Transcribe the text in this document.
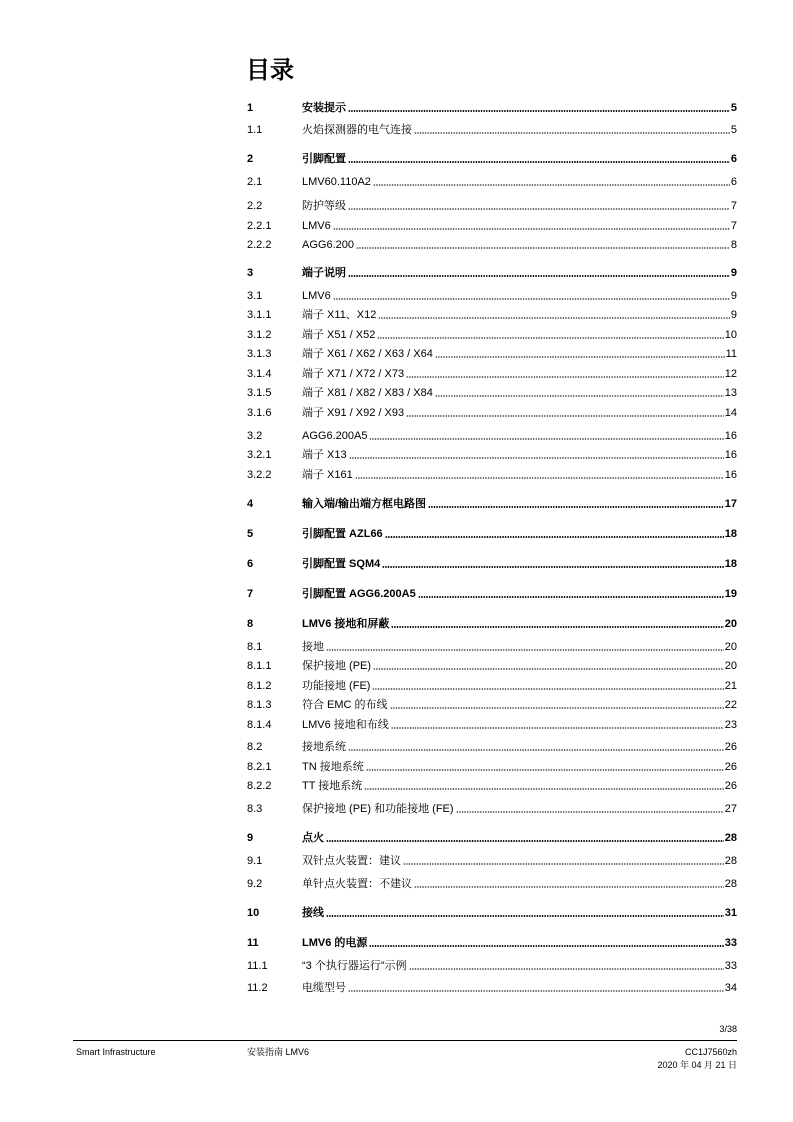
目录
1	安装提示	5
1.1	火焰探测器的电气连接	5
2	引脚配置	6
2.1	LMV60.110A2	6
2.2	防护等级	7
2.2.1	LMV6	7
2.2.2	AGG6.200	8
3	端子说明	9
3.1	LMV6	9
3.1.1	端子 X11、X12	9
3.1.2	端子 X51 / X52	10
3.1.3	端子 X61 / X62 / X63 / X64	11
3.1.4	端子 X71 / X72 / X73	12
3.1.5	端子 X81 / X82 / X83 / X84	13
3.1.6	端子 X91 / X92 / X93	14
3.2	AGG6.200A5	16
3.2.1	端子 X13	16
3.2.2	端子 X161	16
4	输入端/输出端方框电路图	17
5	引脚配置 AZL66	18
6	引脚配置 SQM4	18
7	引脚配置 AGG6.200A5	19
8	LMV6 接地和屏蔽	20
8.1	接地	20
8.1.1	保护接地 (PE)	20
8.1.2	功能接地 (FE)	21
8.1.3	符合 EMC 的布线	22
8.1.4	LMV6 接地和布线	23
8.2	接地系统	26
8.2.1	TN 接地系统	26
8.2.2	TT 接地系统	26
8.3	保护接地 (PE) 和功能接地 (FE)	27
9	点火	28
9.1	双针点火装置：建议	28
9.2	单针点火装置：不建议	28
10	接线	31
11	LMV6 的电源	33
11.1	“3 个执行器运行”示例	33
11.2	电缆型号	34
3/38
Smart Infrastructure	安装指南 LMV6	CC1J7560zh
2020 年 04 月 21 日
